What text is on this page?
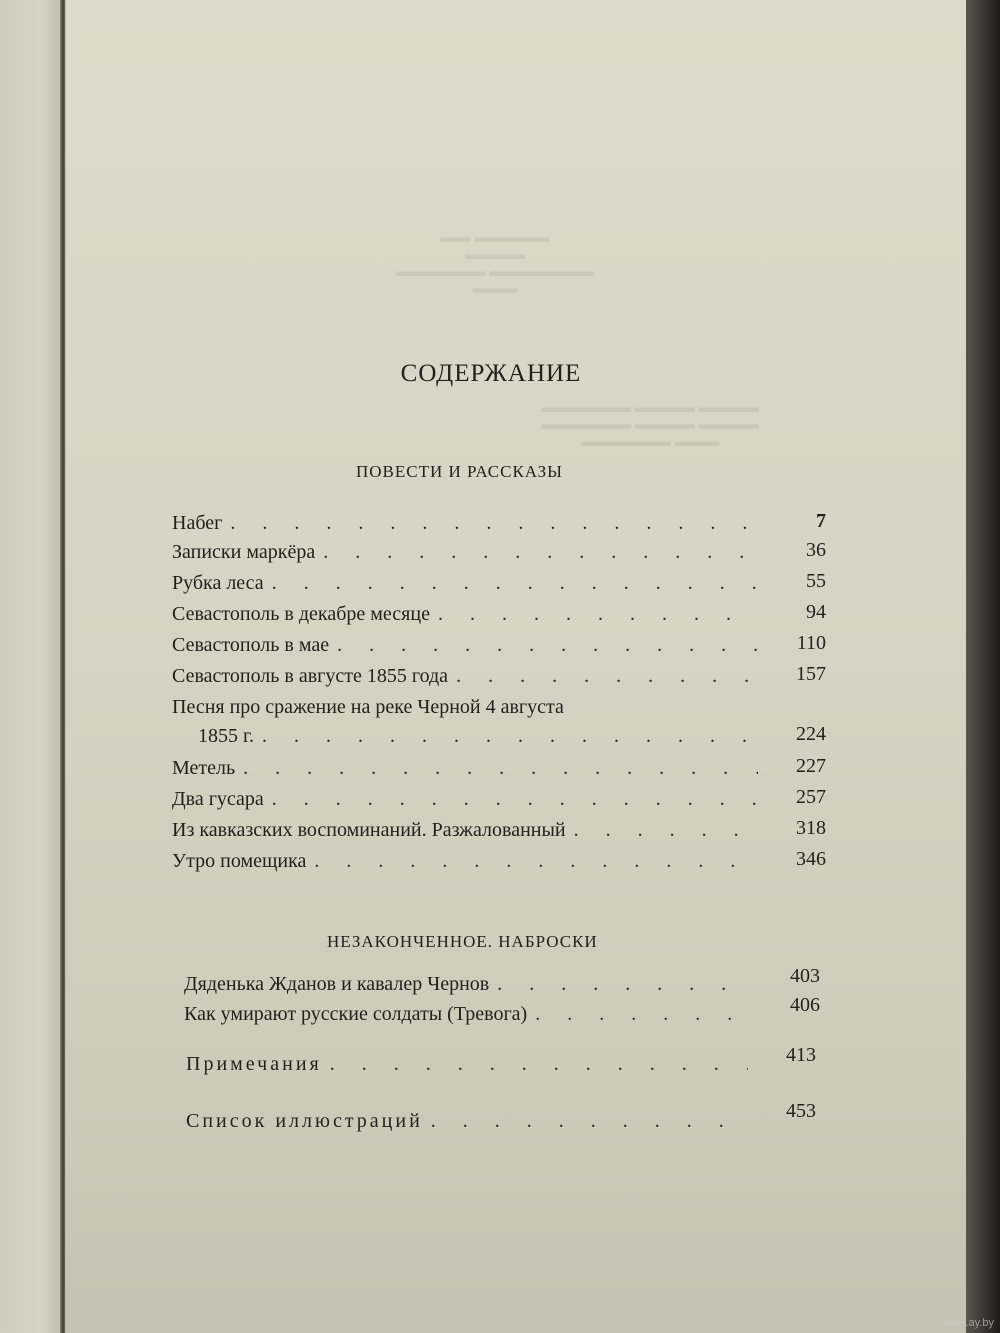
▬▬ ▬▬▬▬▬
▬▬▬▬
▬▬▬▬▬▬ ▬▬▬▬▬▬▬
▬▬▬
▬▬▬▬▬▬ ▬▬▬▬ ▬▬▬▬
▬▬▬▬▬▬ ▬▬▬▬ ▬▬▬▬
▬▬▬▬▬▬ ▬▬▬
СОДЕРЖАНИЕ
ПОВЕСТИ И РАССКАЗЫ
Набег . . .	7
Записки маркёра . . .	36
Рубка леса . . .	55
Севастополь в декабре месяце . . .	94
Севастополь в мае . . .	110
Севастополь в августе 1855 года . . .	157
Песня про сражение на реке Черной 4 августа
1855 г. . . .	224
Метель . . .	227
Два гусара . . .	257
Из кавказских воспоминаний. Разжалованный . . .	318
Утро помещика . . .	346
НЕЗАКОНЧЕННОЕ. НАБРОСКИ
Дяденька Жданов и кавалер Чернов . . .	403
Как умирают русские солдаты (Тревога) . . .	406
Примечания . . .	413
Список иллюстраций . . .	453
www.ay.by
